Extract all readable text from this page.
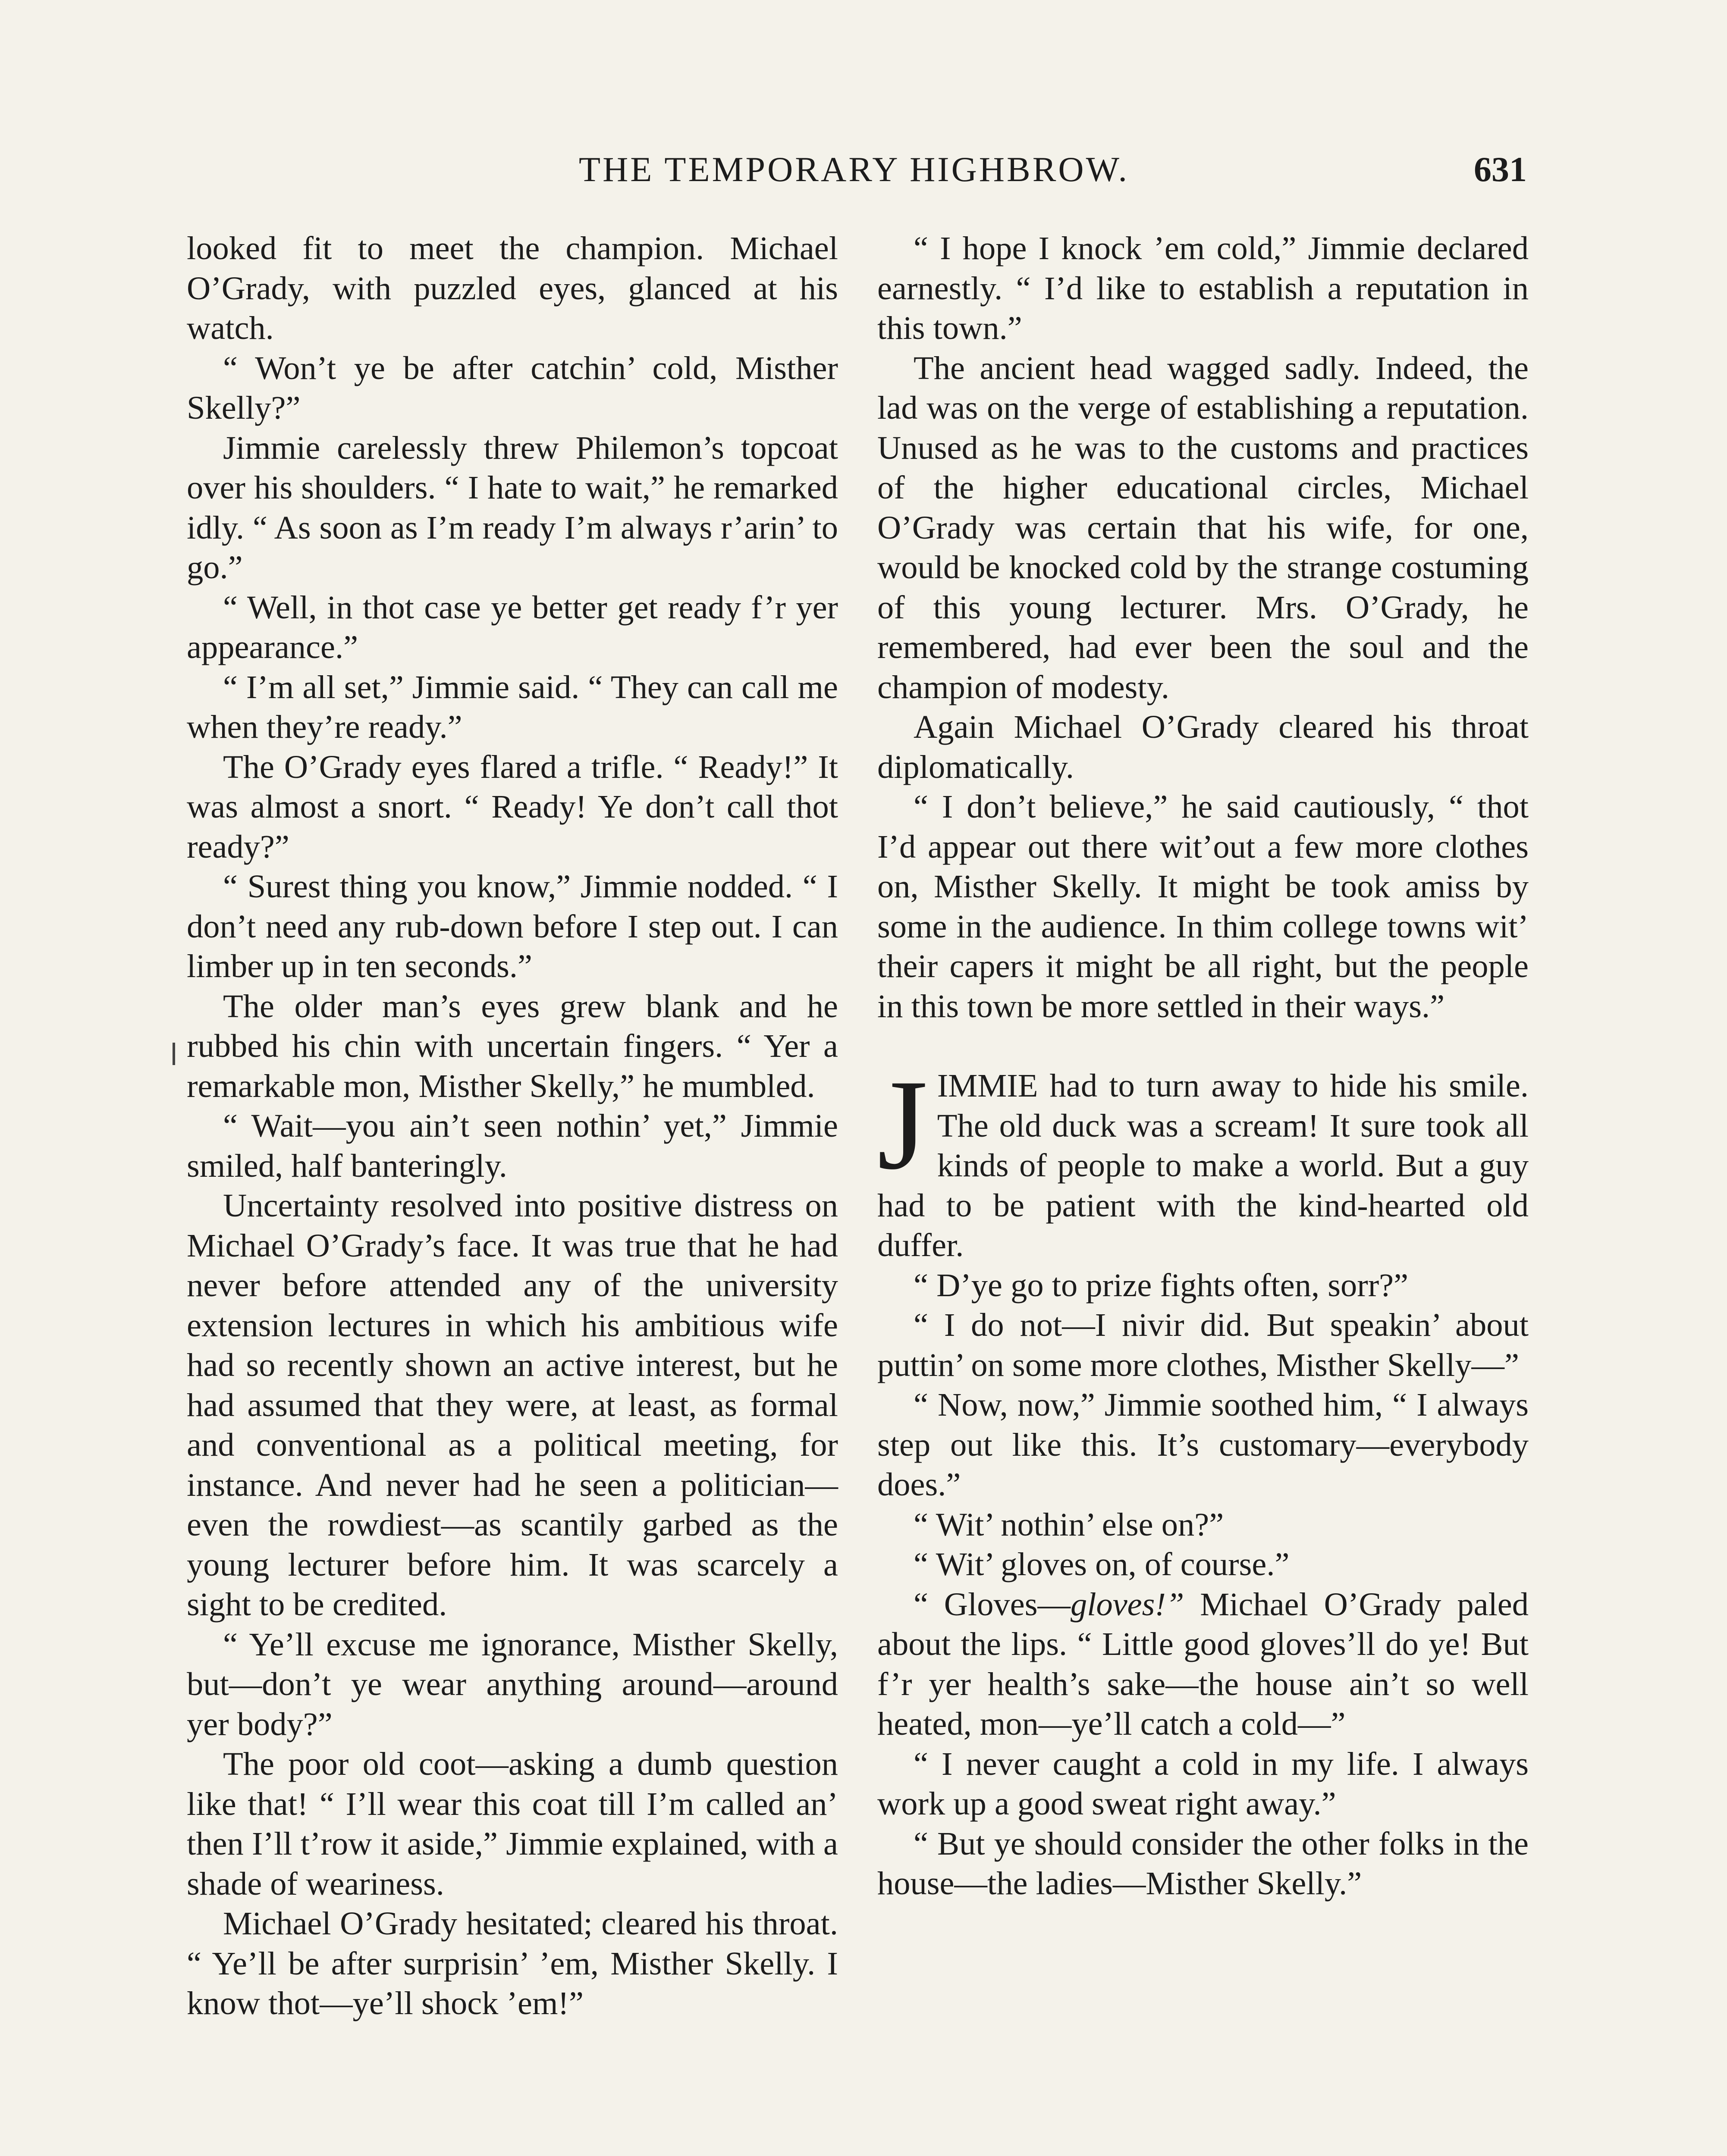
THE TEMPORARY HIGHBROW.	631

looked fit to meet the champion. Michael O’Grady, with puzzled eyes, glanced at his watch.

“ Won’t ye be after catchin’ cold, Misther Skelly?”

Jimmie carelessly threw Philemon’s topcoat over his shoulders. “ I hate to wait,” he remarked idly. “ As soon as I’m ready I’m always r’arin’ to go.”

“ Well, in thot case ye better get ready f’r yer appearance.”

“ I’m all set,” Jimmie said. “ They can call me when they’re ready.”

The O’Grady eyes flared a trifle. “ Ready!” It was almost a snort. “ Ready! Ye don’t call thot ready?”

“ Surest thing you know,” Jimmie nodded. “ I don’t need any rub-down before I step out. I can limber up in ten seconds.”

The older man’s eyes grew blank and he rubbed his chin with uncertain fingers. “ Yer a remarkable mon, Misther Skelly,” he mumbled.

“ Wait—you ain’t seen nothin’ yet,” Jimmie smiled, half banteringly.

Uncertainty resolved into positive distress on Michael O’Grady’s face. It was true that he had never before attended any of the university extension lectures in which his ambitious wife had so recently shown an active interest, but he had assumed that they were, at least, as formal and conventional as a political meeting, for instance. And never had he seen a politician—even the rowdiest—as scantily garbed as the young lecturer before him. It was scarcely a sight to be credited.

“ Ye’ll excuse me ignorance, Misther Skelly, but—don’t ye wear anything around—around yer body?”

The poor old coot—asking a dumb question like that! “ I’ll wear this coat till I’m called an’ then I’ll t’row it aside,” Jimmie explained, with a shade of weariness.

Michael O’Grady hesitated; cleared his throat. “ Ye’ll be after surprisin’ ’em, Misther Skelly. I know thot—ye’ll shock ’em!”

“ I hope I knock ’em cold,” Jimmie declared earnestly. “ I’d like to establish a reputation in this town.”

The ancient head wagged sadly. Indeed, the lad was on the verge of establishing a reputation. Unused as he was to the customs and practices of the higher educational circles, Michael O’Grady was certain that his wife, for one, would be knocked cold by the strange costuming of this young lecturer. Mrs. O’Grady, he remembered, had ever been the soul and the champion of modesty.

Again Michael O’Grady cleared his throat diplomatically.

“ I don’t believe,” he said cautiously, “ thot I’d appear out there wit’out a few more clothes on, Misther Skelly. It might be took amiss by some in the audience. In thim college towns wit’ their capers it might be all right, but the people in this town be more settled in their ways.”

JIMMIE had to turn away to hide his smile. The old duck was a scream! It sure took all kinds of people to make a world. But a guy had to be patient with the kind-hearted old duffer.

“ D’ye go to prize fights often, sorr?”

“ I do not—I nivir did. But speakin’ about puttin’ on some more clothes, Misther Skelly—”

“ Now, now,” Jimmie soothed him, “ I always step out like this. It’s customary—everybody does.”

“ Wit’ nothin’ else on?”

“ Wit’ gloves on, of course.”

“ Gloves—gloves!” Michael O’Grady paled about the lips. “ Little good gloves’ll do ye! But f’r yer health’s sake—the house ain’t so well heated, mon—ye’ll catch a cold—”

“ I never caught a cold in my life. I always work up a good sweat right away.”

“ But ye should consider the other folks in the house—the ladies—Misther Skelly.”
